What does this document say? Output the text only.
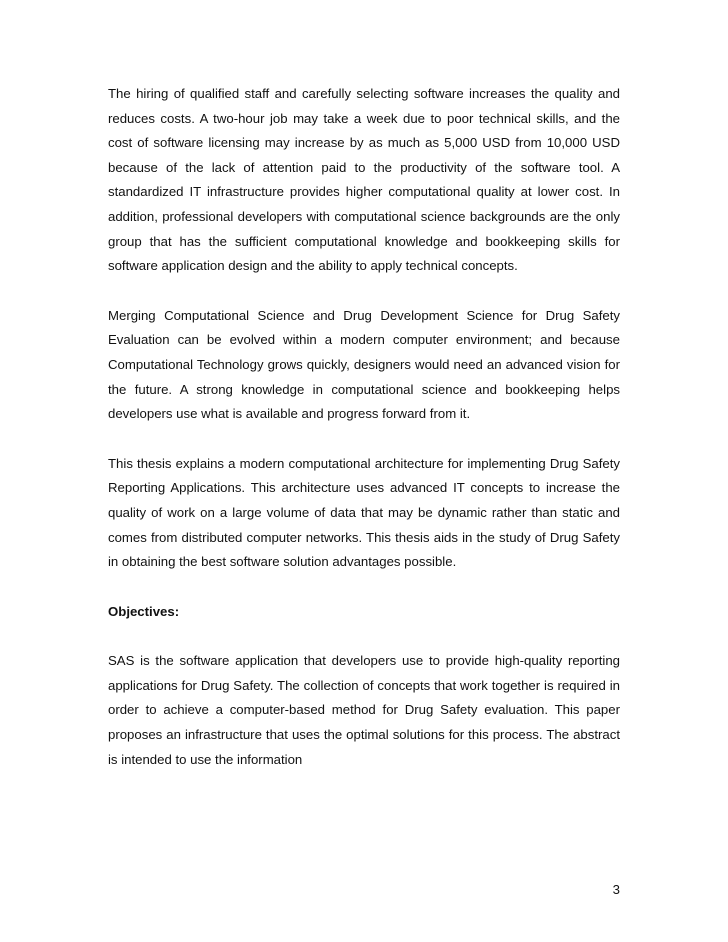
The hiring of qualified staff and carefully selecting software increases the quality and reduces costs. A two-hour job may take a week due to poor technical skills, and the cost of software licensing may increase by as much as 5,000 USD from 10,000 USD because of the lack of attention paid to the productivity of the software tool. A standardized IT infrastructure provides higher computational quality at lower cost. In addition, professional developers with computational science backgrounds are the only group that has the sufficient computational knowledge and bookkeeping skills for software application design and the ability to apply technical concepts.

Merging Computational Science and Drug Development Science for Drug Safety Evaluation can be evolved within a modern computer environment; and because Computational Technology grows quickly, designers would need an advanced vision for the future. A strong knowledge in computational science and bookkeeping helps developers use what is available and progress forward from it.

This thesis explains a modern computational architecture for implementing Drug Safety Reporting Applications. This architecture uses advanced IT concepts to increase the quality of work on a large volume of data that may be dynamic rather than static and comes from distributed computer networks. This thesis aids in the study of Drug Safety in obtaining the best software solution advantages possible.

Objectives:

SAS is the software application that developers use to provide high-quality reporting applications for Drug Safety. The collection of concepts that work together is required in order to achieve a computer-based method for Drug Safety evaluation. This paper proposes an infrastructure that uses the optimal solutions for this process. The abstract is intended to use the information

3
